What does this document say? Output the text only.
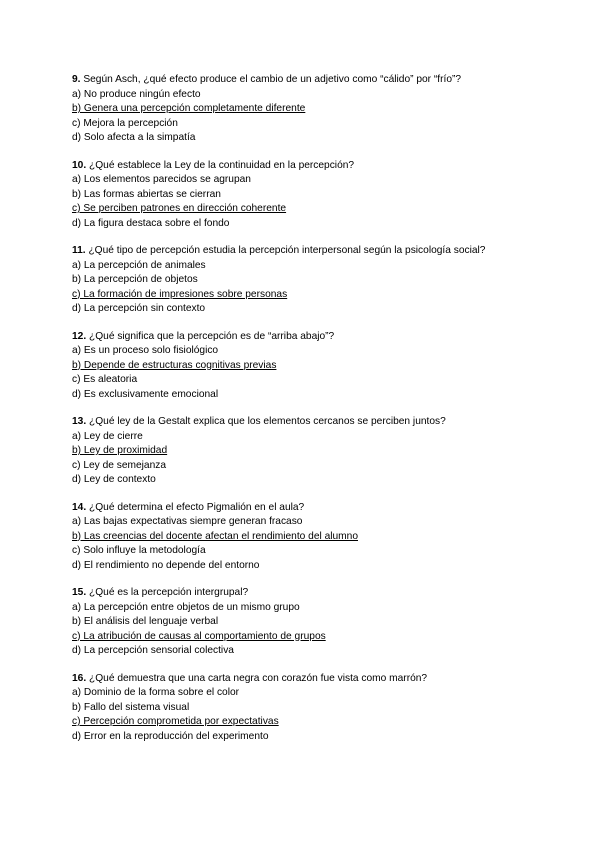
9. Según Asch, ¿qué efecto produce el cambio de un adjetivo como “cálido” por “frío”?
a) No produce ningún efecto
b) Genera una percepción completamente diferente
c) Mejora la percepción
d) Solo afecta a la simpatía
10. ¿Qué establece la Ley de la continuidad en la percepción?
a) Los elementos parecidos se agrupan
b) Las formas abiertas se cierran
c) Se perciben patrones en dirección coherente
d) La figura destaca sobre el fondo
11. ¿Qué tipo de percepción estudia la percepción interpersonal según la psicología social?
a) La percepción de animales
b) La percepción de objetos
c) La formación de impresiones sobre personas
d) La percepción sin contexto
12. ¿Qué significa que la percepción es de “arriba abajo”?
a) Es un proceso solo fisiológico
b) Depende de estructuras cognitivas previas
c) Es aleatoria
d) Es exclusivamente emocional
13. ¿Qué ley de la Gestalt explica que los elementos cercanos se perciben juntos?
a) Ley de cierre
b) Ley de proximidad
c) Ley de semejanza
d) Ley de contexto
14. ¿Qué determina el efecto Pigmalión en el aula?
a) Las bajas expectativas siempre generan fracaso
b) Las creencias del docente afectan el rendimiento del alumno
c) Solo influye la metodología
d) El rendimiento no depende del entorno
15. ¿Qué es la percepción intergrupal?
a) La percepción entre objetos de un mismo grupo
b) El análisis del lenguaje verbal
c) La atribución de causas al comportamiento de grupos
d) La percepción sensorial colectiva
16. ¿Qué demuestra que una carta negra con corazón fue vista como marrón?
a) Dominio de la forma sobre el color
b) Fallo del sistema visual
c) Percepción comprometida por expectativas
d) Error en la reproducción del experimento
